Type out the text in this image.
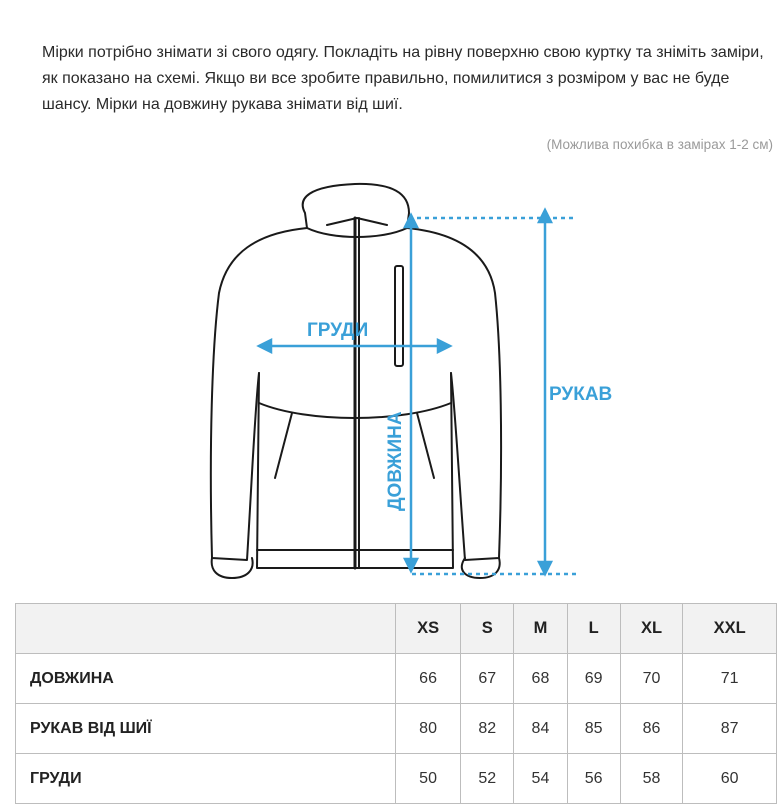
Мірки потрібно знімати зі свого одягу. Покладіть на рівну поверхню свою куртку та зніміть заміри, як показано на схемі. Якщо ви все зробите правильно, помилитися з розміром у вас не буде шансу. Мірки на довжину рукава знімати від шиї.

(Можлива похибка в замірах 1-2 см)
ГРУДИ
РУКАВ
ДОВЖИНА
	XS	S	M	L	XL	XXL
ДОВЖИНА	66	67	68	69	70	71
РУКАВ ВІД ШИЇ	80	82	84	85	86	87
ГРУДИ	50	52	54	56	58	60
